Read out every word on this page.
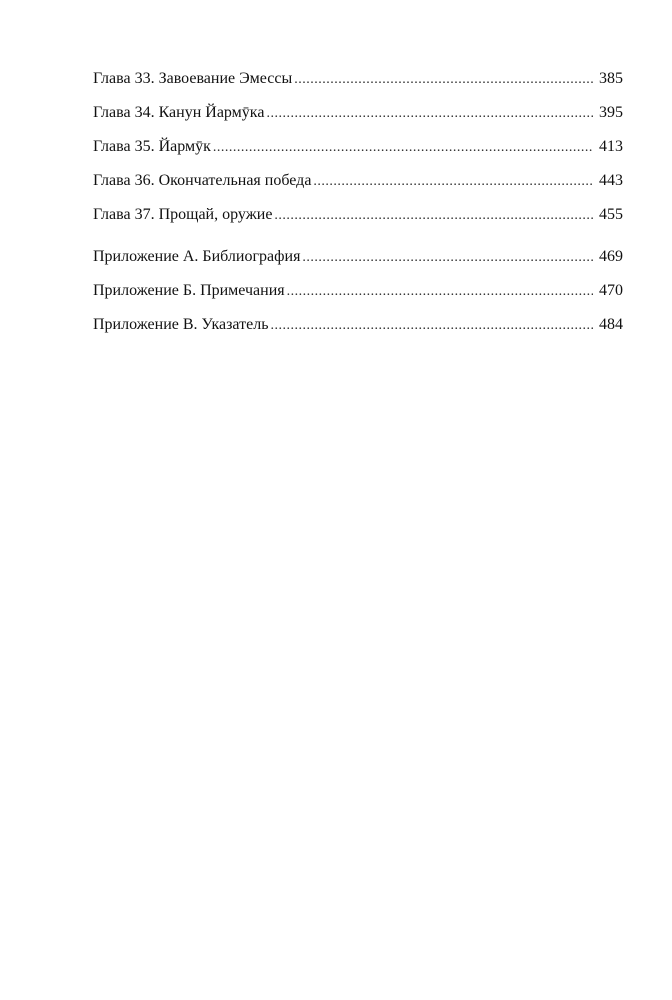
Глава 33. Завоевание Эмессы .....	385
Глава 34. Канун Йармӯка .....	395
Глава 35. Йармӯк .....	413
Глава 36. Окончательная победа .....	443
Глава 37. Прощай, оружие .....	455
Приложение А. Библиография .....	469
Приложение Б. Примечания .....	470
Приложение В. Указатель .....	484
